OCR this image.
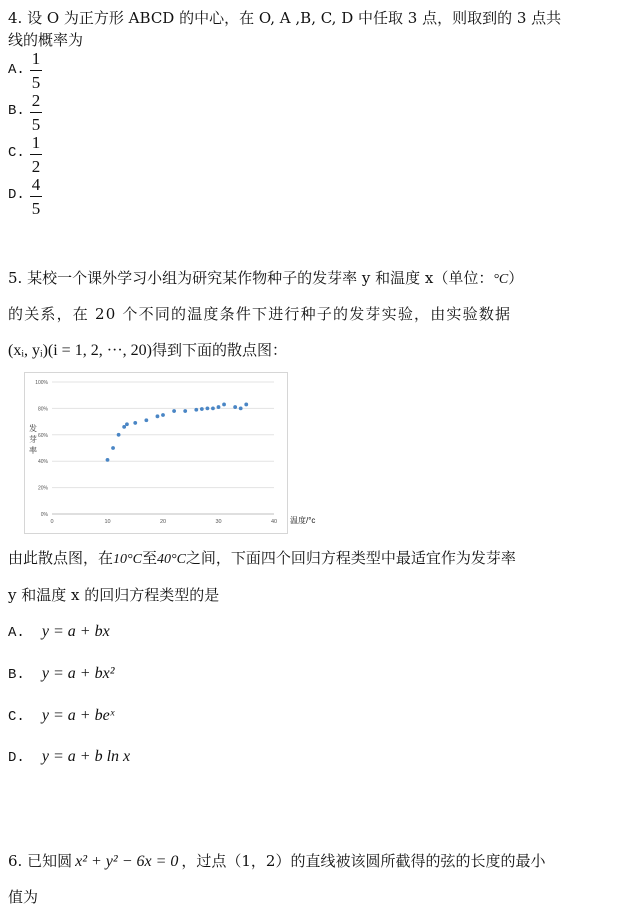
4. 设 O 为正方形 ABCD 的中心，在 O, A ,B, C, D 中任取 3 点，则取到的 3 点共
线的概率为
A.
1
5
B.
2
5
C.
1
2
D.
4
5
5. 某校一个课外学习小组为研究某作物种子的发芽率 y 和温度 x（单位：°C）
的关系，在 20 个不同的温度条件下进行种子的发芽实验，由实验数据
(xᵢ, yᵢ)(i = 1, 2, ···, 20)得到下面的散点图：
0%
20%
40%
60%
80%
100%
0	10	20	30	40
发
芽
率
温度/°c
由此散点图，在10°C至40°C之间，下面四个回归方程类型中最适宜作为发芽率
y 和温度 x 的回归方程类型的是
A. y = a + bx
B. y = a + bx²
C. y = a + beˣ
D. y = a + b ln x
6. 已知圆 x² + y² − 6x = 0 ，过点（1，2）的直线被该圆所截得的弦的长度的最小
值为
